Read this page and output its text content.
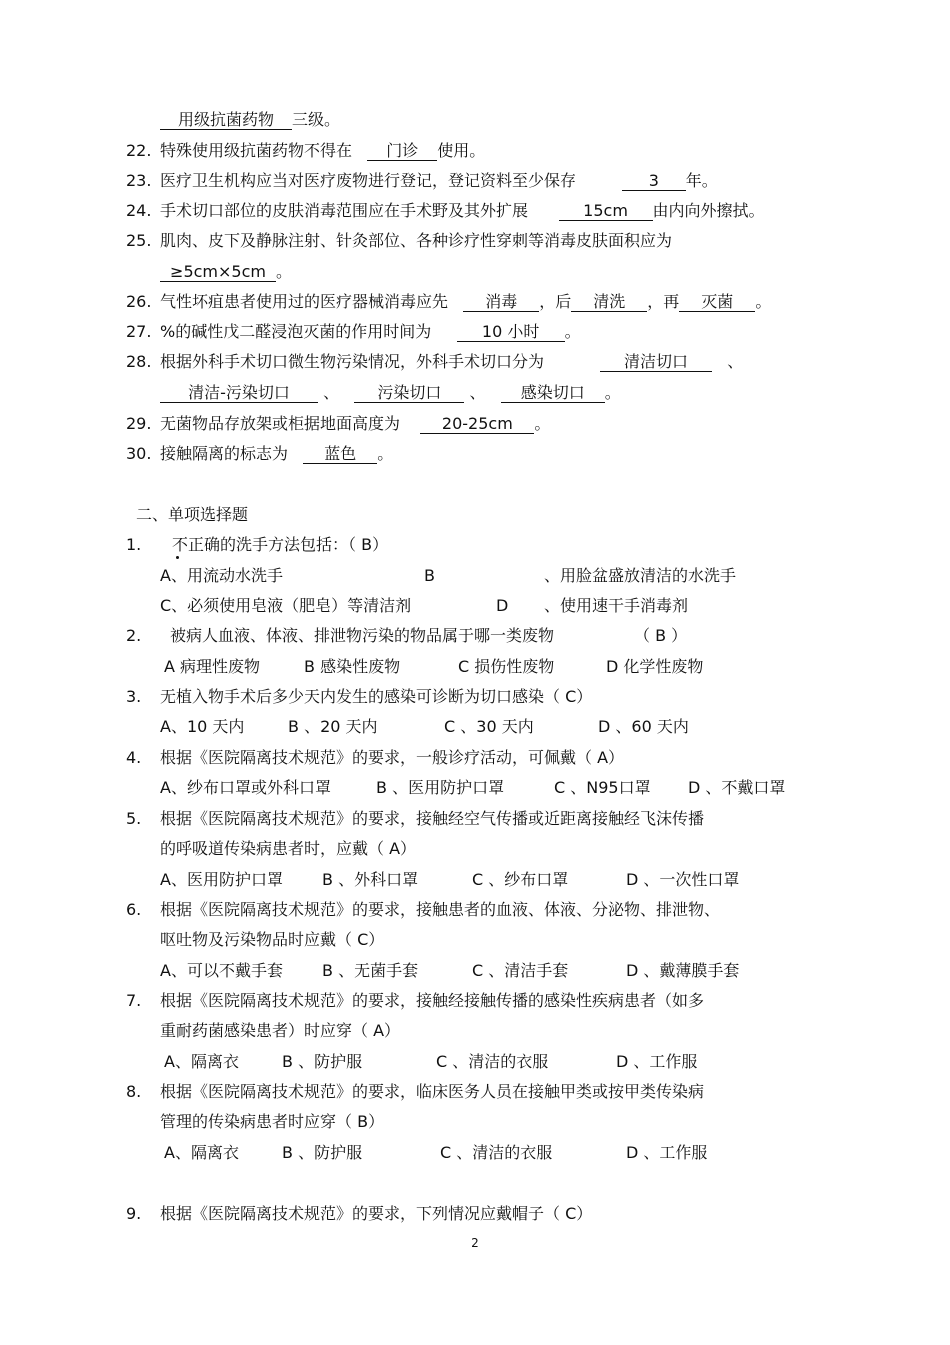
用级抗菌药物 三级。
22. 特殊使用级抗菌药物不得在 门诊 使用。
23. 医疗卫生机构应当对医疗废物进行登记，登记资料至少保存	3 年。
24. 手术切口部位的皮肤消毒范围应在手术野及其外扩展	15cm 由内向外擦拭。
25. 肌肉、皮下及静脉注射、针灸部位、各种诊疗性穿刺等消毒皮肤面积应为
≥5cm×5cm 。
26. 气性坏疽患者使用过的医疗器械消毒应先 消毒 ，后 清洗 ，再 灭菌 。
27. %的碱性戊二醛浸泡灭菌的作用时间为	10 小时 。
28. 根据外科手术切口微生物污染情况，外科手术切口分为	清洁切口 、
清洁-污染切口 、 污染切口 、 感染切口 。
29. 无菌物品存放架或柜据地面高度为	20-25cm 。
30. 接触隔离的标志为 蓝色 。
二、单项选择题
1. 不正确的洗手方法包括：（ B）
A、用流动水洗手	B	、用脸盆盛放清洁的水洗手
C、必须使用皂液（肥皂）等清洁剂	D 、使用速干手消毒剂
2. 被病人血液、体液、排泄物污染的物品属于哪一类废物	（ B ）
A 病理性废物	B 感染性废物	C 损伤性废物	D 化学性废物
3. 无植入物手术后多少天内发生的感染可诊断为切口感染（ C）
A、10 天内	B 、20 天内	C 、30 天内	D 、60 天内
4. 根据《医院隔离技术规范》的要求，一般诊疗活动，可佩戴（ A）
A、纱布口罩或外科口罩	B 、医用防护口罩	C 、N95口罩 D 、不戴口罩
5. 根据《医院隔离技术规范》的要求，接触经空气传播或近距离接触经飞沫传播
的呼吸道传染病患者时，应戴（ A）
A、医用防护口罩 B 、外科口罩	C 、纱布口罩	D 、一次性口罩
6. 根据《医院隔离技术规范》的要求，接触患者的血液、体液、分泌物、排泄物、
呕吐物及污染物品时应戴（ C）
A、可以不戴手套 B 、无菌手套	C 、清洁手套	D 、戴薄膜手套
7. 根据《医院隔离技术规范》的要求，接触经接触传播的感染性疾病患者（如多
重耐药菌感染患者）时应穿（ A）
A、隔离衣	B 、防护服	C 、清洁的衣服	D 、工作服
8. 根据《医院隔离技术规范》的要求，临床医务人员在接触甲类或按甲类传染病
管理的传染病患者时应穿（ B）
A、隔离衣	B 、防护服	C 、清洁的衣服	D 、工作服
9. 根据《医院隔离技术规范》的要求，下列情况应戴帽子（ C）
2
